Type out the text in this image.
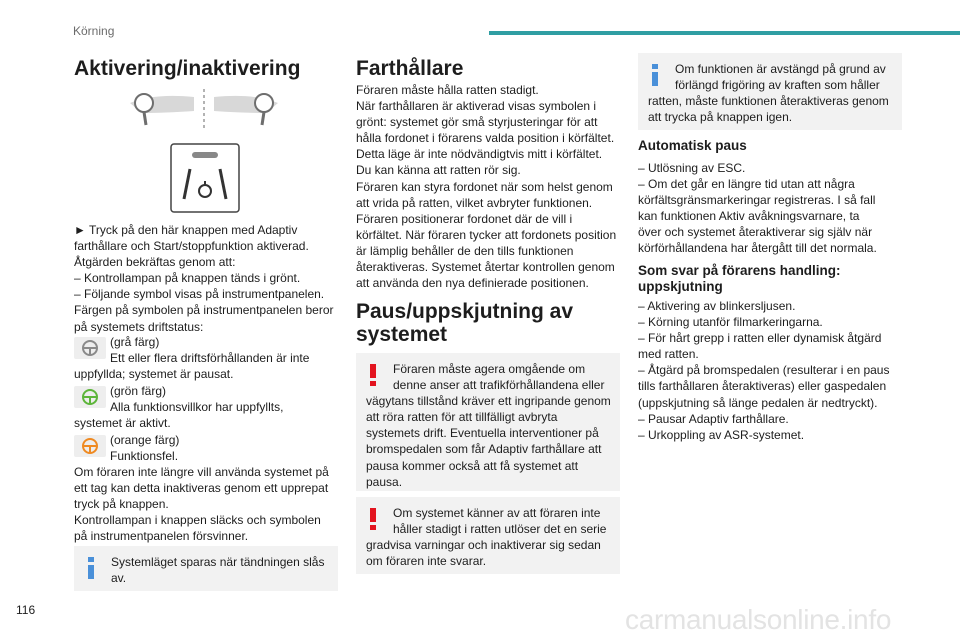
Körning
Aktivering/inaktivering

► Tryck på den här knappen med Adaptiv

farthållare och Start/stoppfunktion aktiverad.

Åtgärden bekräftas genom att:

– Kontrollampan på knappen tänds i grönt.

– Följande symbol visas på instrumentpanelen.

Färgen på symbolen på instrumentpanelen beror

på systemets driftstatus:

(grå färg)

Ett eller flera driftsförhållanden är inte

uppfyllda; systemet är pausat.

(grön färg)

Alla funktionsvillkor har uppfyllts,

systemet är aktivt.

(orange färg)

Funktionsfel.

Om föraren inte längre vill använda systemet på

ett tag kan detta inaktiveras genom ett upprepat

tryck på knappen.

Kontrollampan i knappen släcks och symbolen

på instrumentpanelen försvinner.

Systemläget sparas när tändningen slås

av.

Farthållare

Föraren måste hålla ratten stadigt.

När farthållaren är aktiverad visas symbolen i

grönt: systemet gör små styrjusteringar för att

hålla fordonet i förarens valda position i körfältet.

Detta läge är inte nödvändigtvis mitt i körfältet.

Du kan känna att ratten rör sig.

Föraren kan styra fordonet när som helst genom

att vrida på ratten, vilket avbryter funktionen.

Föraren positionerar fordonet där de vill i

körfältet. När föraren tycker att fordonets position

är lämplig behåller de den tills funktionen

återaktiveras. Systemet återtar kontrollen genom

att använda den nya definierade positionen.

Paus/uppskjutning av
systemet

Föraren måste agera omgående om

denne anser att trafikförhållandena eller

vägytans tillstånd kräver ett ingripande genom

att röra ratten för att tillfälligt avbryta

systemets drift. Eventuella interventioner på

bromspedalen som får Adaptiv farthållare att

pausa kommer också att få systemet att

pausa.

Om systemet känner av att föraren inte

håller stadigt i ratten utlöser det en serie

gradvisa varningar och inaktiverar sig sedan

om föraren inte svarar.

Om funktionen är avstängd på grund av

förlängd frigöring av kraften som håller

ratten, måste funktionen återaktiveras genom

att trycka på knappen igen.

Automatisk paus

– Utlösning av ESC.

– Om det går en längre tid utan att några

körfältsgränsmarkeringar registreras. I så fall

kan funktionen Aktiv avåkningsvarnare, ta

över och systemet återaktiverar sig själv när

körförhållandena har återgått till det normala.

Som svar på förarens handling:
uppskjutning

– Aktivering av blinkersljusen.

– Körning utanför filmarkeringarna.

– För hårt grepp i ratten eller dynamisk åtgärd

med ratten.

– Åtgärd på bromspedalen (resulterar i en paus

tills farthållaren återaktiveras) eller gaspedalen

(uppskjutning så länge pedalen är nedtryckt).

– Pausar Adaptiv farthållare.

– Urkoppling av ASR-systemet.

116	carmanualsonline.info
